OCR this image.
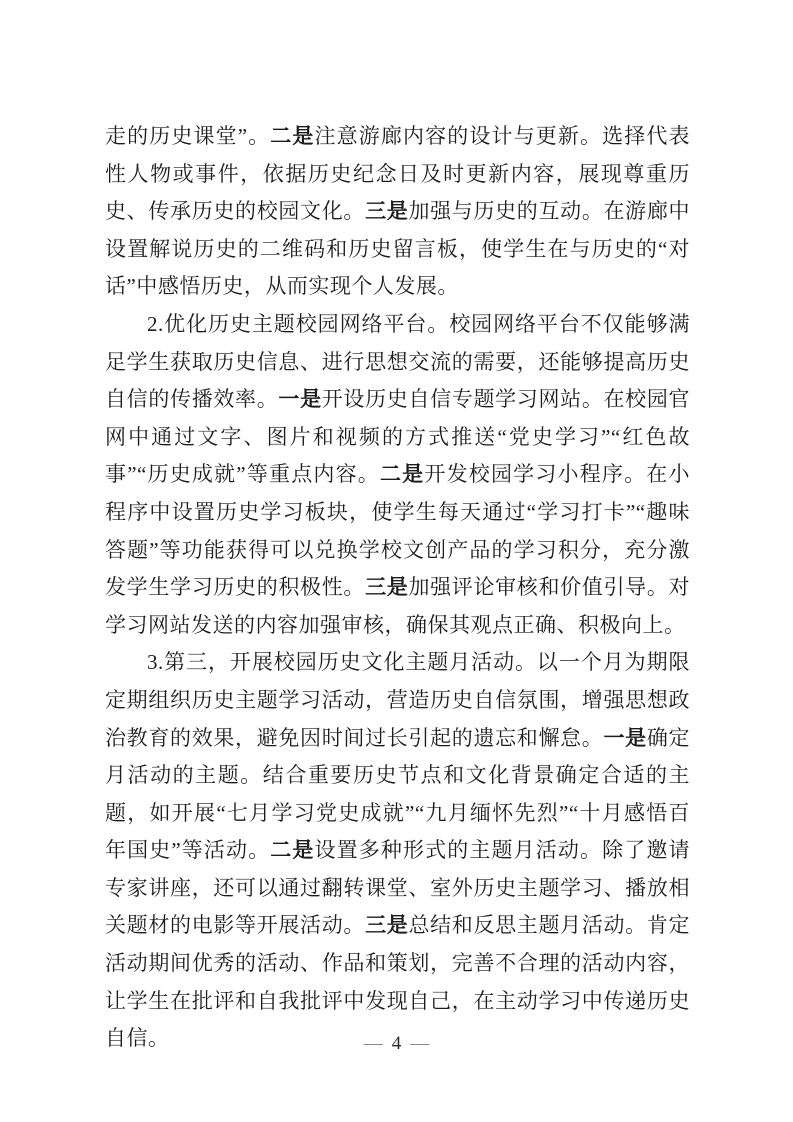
走的历史课堂”。二是注意游廊内容的设计与更新。选择代表性人物或事件，依据历史纪念日及时更新内容，展现尊重历史、传承历史的校园文化。三是加强与历史的互动。在游廊中设置解说历史的二维码和历史留言板，使学生在与历史的“对话”中感悟历史，从而实现个人发展。

2.优化历史主题校园网络平台。校园网络平台不仅能够满足学生获取历史信息、进行思想交流的需要，还能够提高历史自信的传播效率。一是开设历史自信专题学习网站。在校园官网中通过文字、图片和视频的方式推送“党史学习”“红色故事”“历史成就”等重点内容。二是开发校园学习小程序。在小程序中设置历史学习板块，使学生每天通过“学习打卡”“趣味答题”等功能获得可以兑换学校文创产品的学习积分，充分激发学生学习历史的积极性。三是加强评论审核和价值引导。对学习网站发送的内容加强审核，确保其观点正确、积极向上。

3.第三，开展校园历史文化主题月活动。以一个月为期限定期组织历史主题学习活动，营造历史自信氛围，增强思想政治教育的效果，避免因时间过长引起的遗忘和懈怠。一是确定月活动的主题。结合重要历史节点和文化背景确定合适的主题，如开展“七月学习党史成就”“九月缅怀先烈”“十月感悟百年国史”等活动。二是设置多种形式的主题月活动。除了邀请专家讲座，还可以通过翻转课堂、室外历史主题学习、播放相关题材的电影等开展活动。三是总结和反思主题月活动。肯定活动期间优秀的活动、作品和策划，完善不合理的活动内容，让学生在批评和自我批评中发现自己，在主动学习中传递历史自信。	— 4 —
